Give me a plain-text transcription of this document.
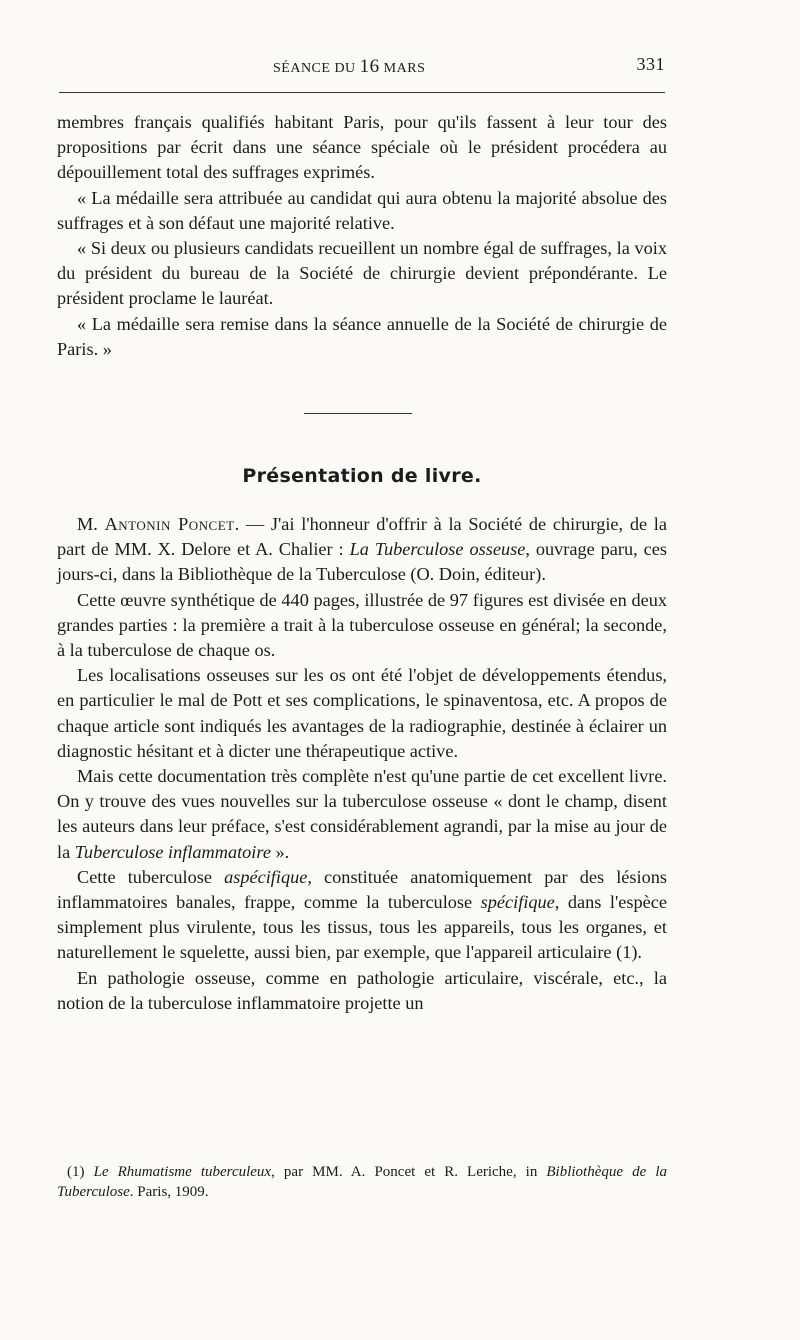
SÉANCE DU 16 MARS	331

membres français qualifiés habitant Paris, pour qu'ils fassent à leur tour des propositions par écrit dans une séance spéciale où le président procédera au dépouillement total des suffrages exprimés.

« La médaille sera attribuée au candidat qui aura obtenu la majorité absolue des suffrages et à son défaut une majorité relative.

« Si deux ou plusieurs candidats recueillent un nombre égal de suffrages, la voix du président du bureau de la Société de chirurgie devient prépondérante. Le président proclame le lauréat.

« La médaille sera remise dans la séance annuelle de la Société de chirurgie de Paris. »

Présentation de livre.

M. Antonin Poncet. — J'ai l'honneur d'offrir à la Société de chirurgie, de la part de MM. X. Delore et A. Chalier : La Tuberculose osseuse, ouvrage paru, ces jours-ci, dans la Bibliothèque de la Tuberculose (O. Doin, éditeur).

Cette œuvre synthétique de 440 pages, illustrée de 97 figures est divisée en deux grandes parties : la première a trait à la tuberculose osseuse en général; la seconde, à la tuberculose de chaque os.

Les localisations osseuses sur les os ont été l'objet de développements étendus, en particulier le mal de Pott et ses complications, le spinaventosa, etc. A propos de chaque article sont indiqués les avantages de la radiographie, destinée à éclairer un diagnostic hésitant et à dicter une thérapeutique active.

Mais cette documentation très complète n'est qu'une partie de cet excellent livre. On y trouve des vues nouvelles sur la tuberculose osseuse « dont le champ, disent les auteurs dans leur préface, s'est considérablement agrandi, par la mise au jour de la Tuberculose inflammatoire ».

Cette tuberculose aspécifique, constituée anatomiquement par des lésions inflammatoires banales, frappe, comme la tuberculose spécifique, dans l'espèce simplement plus virulente, tous les tissus, tous les appareils, tous les organes, et naturellement le squelette, aussi bien, par exemple, que l'appareil articulaire (1).

En pathologie osseuse, comme en pathologie articulaire, viscérale, etc., la notion de la tuberculose inflammatoire projette un

(1) Le Rhumatisme tuberculeux, par MM. A. Poncet et R. Leriche, in Bibliothèque de la Tuberculose. Paris, 1909.
